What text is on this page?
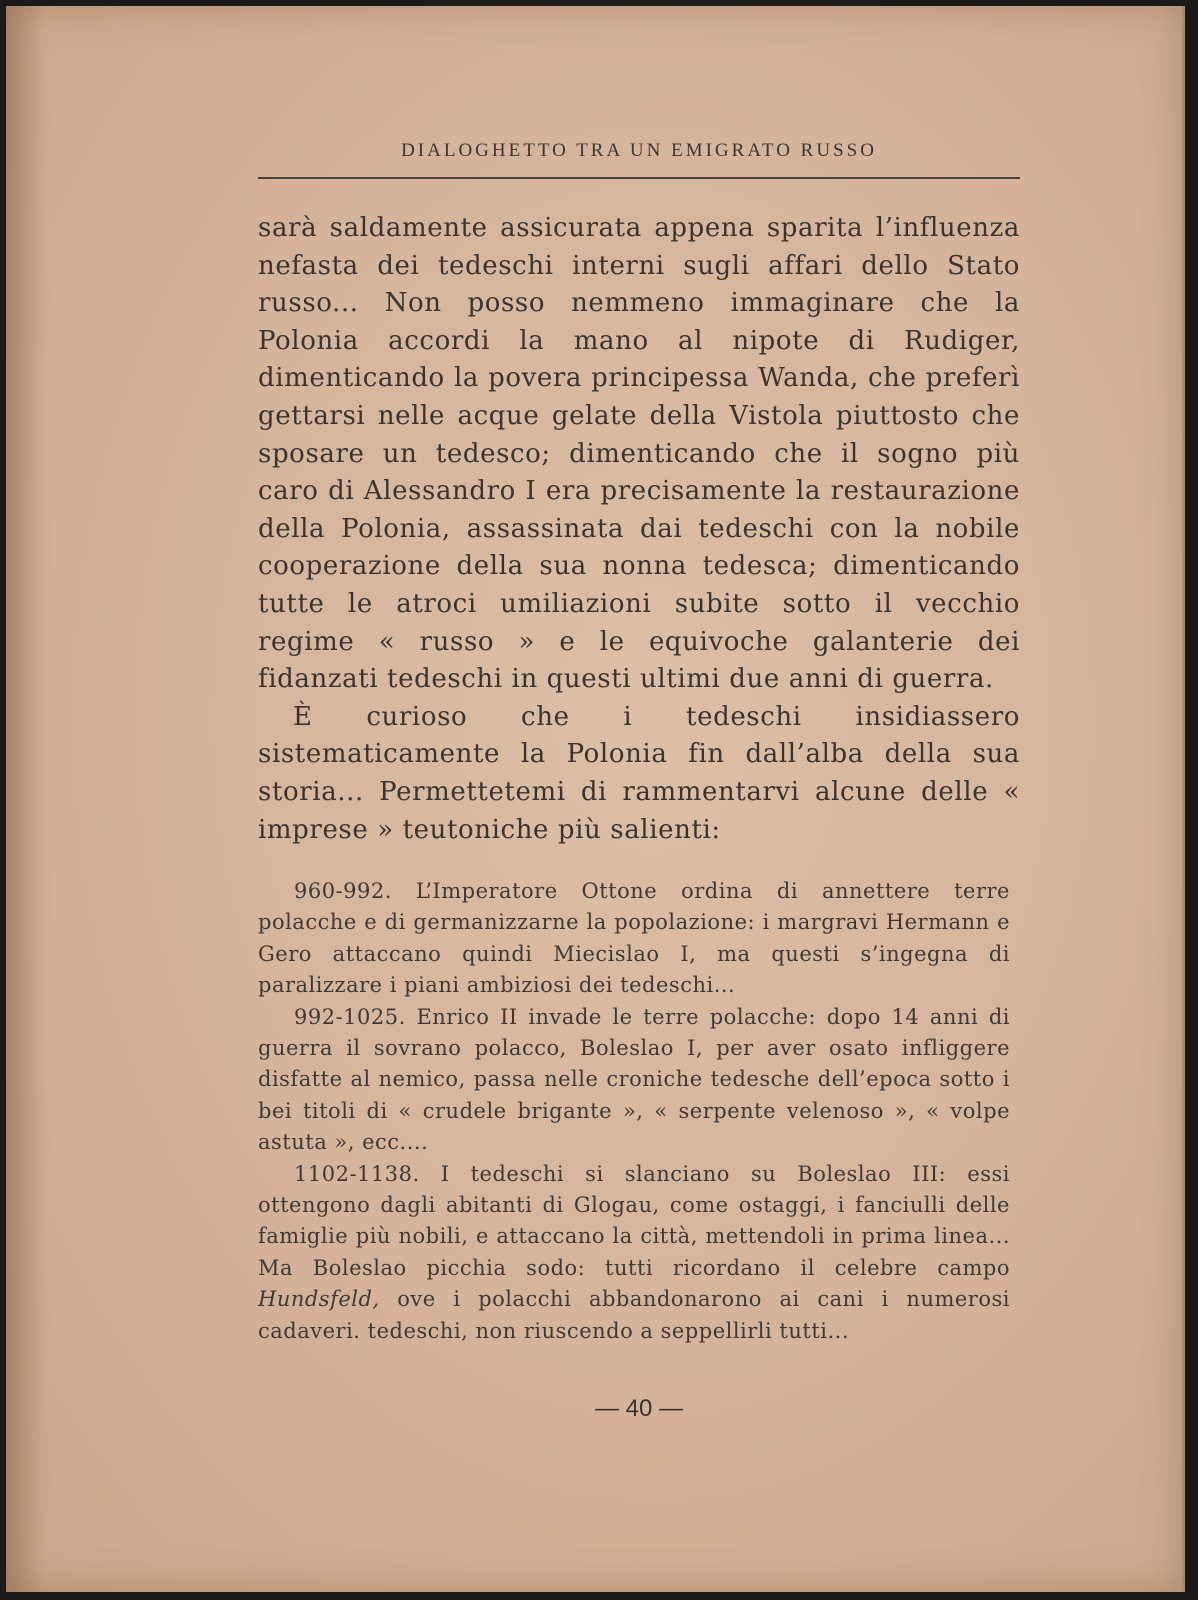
DIALOGHETTO TRA UN EMIGRATO RUSSO

sarà saldamente assicurata appena sparita l’influenza nefasta dei tedeschi interni sugli affari dello Stato russo... Non posso nemmeno immaginare che la Polonia accordi la mano al nipote di Rudiger, dimenticando la povera principessa Wanda, che preferì gettarsi nelle acque gelate della Vistola piuttosto che sposare un tedesco; dimenticando che il sogno più caro di Alessandro I era precisamente la restaurazione della Polonia, assassinata dai tedeschi con la nobile cooperazione della sua nonna tedesca; dimenticando tutte le atroci umiliazioni subite sotto il vecchio regime « russo » e le equivoche galanterie dei fidanzati tedeschi in questi ultimi due anni di guerra.

È curioso che i tedeschi insidiassero sistematicamente la Polonia fin dall’alba della sua storia... Permettetemi di rammentarvi alcune delle « imprese » teutoniche più salienti:

960-992. L’Imperatore Ottone ordina di annettere terre polacche e di germanizzarne la popolazione: i margravi Hermann e Gero attaccano quindi Miecislao I, ma questi s’ingegna di paralizzare i piani ambiziosi dei tedeschi...

992-1025. Enrico II invade le terre polacche: dopo 14 anni di guerra il sovrano polacco, Boleslao I, per aver osato infliggere disfatte al nemico, passa nelle croniche tedesche dell’epoca sotto i bei titoli di « crudele brigante », « serpente velenoso », « volpe astuta », ecc....

1102-1138. I tedeschi si slanciano su Boleslao III: essi ottengono dagli abitanti di Glogau, come ostaggi, i fanciulli delle famiglie più nobili, e attaccano la città, mettendoli in prima linea... Ma Boleslao picchia sodo: tutti ricordano il celebre campo Hundsfeld, ove i polacchi abbandonarono ai cani i numerosi cadaveri. tedeschi, non riuscendo a seppellirli tutti...

— 40 —
